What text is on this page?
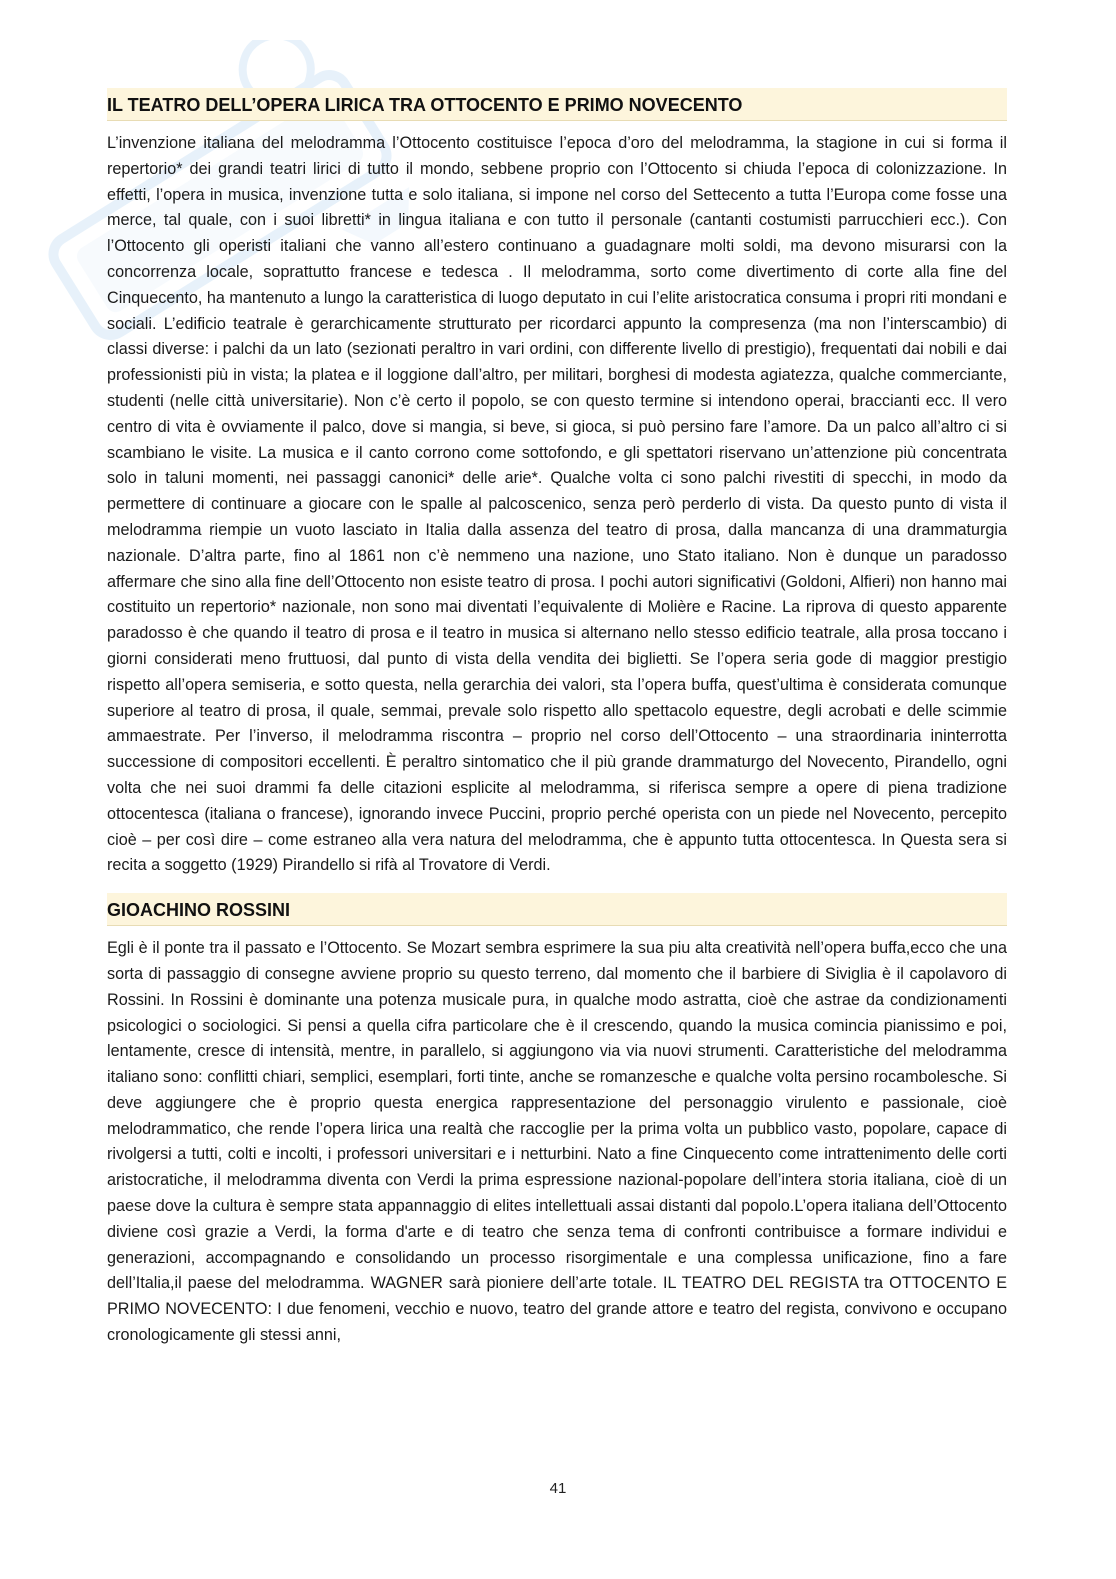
IL TEATRO DELL’OPERA LIRICA TRA OTTOCENTO E PRIMO NOVECENTO

L’invenzione italiana del melodramma l’Ottocento costituisce l’epoca d’oro del melodramma, la stagione in cui si forma il repertorio* dei grandi teatri lirici di tutto il mondo, sebbene proprio con l’Ottocento si chiuda l’epoca di colonizzazione. In effetti, l’opera in musica, invenzione tutta e solo italiana, si impone nel corso del Settecento a tutta l’Europa come fosse una merce, tal quale, con i suoi libretti* in lingua italiana e con tutto il personale (cantanti costumisti parrucchieri ecc.). Con l’Ottocento gli operisti italiani che vanno all’estero continuano a guadagnare molti soldi, ma devono misurarsi con la concorrenza locale, soprattutto francese e tedesca . Il melodramma, sorto come divertimento di corte alla fine del Cinquecento, ha mantenuto a lungo la caratteristica di luogo deputato in cui l’elite aristocratica consuma i propri riti mondani e sociali. L’edificio teatrale è gerarchicamente strutturato per ricordarci appunto la compresenza (ma non l’interscambio) di classi diverse: i palchi da un lato (sezionati peraltro in vari ordini, con differente livello di prestigio), frequentati dai nobili e dai professionisti più in vista; la platea e il loggione dall’altro, per militari, borghesi di modesta agiatezza, qualche commerciante, studenti (nelle città universitarie). Non c’è certo il popolo, se con questo termine si intendono operai, braccianti ecc. Il vero centro di vita è ovviamente il palco, dove si mangia, si beve, si gioca, si può persino fare l’amore. Da un palco all’altro ci si scambiano le visite. La musica e il canto corrono come sottofondo, e gli spettatori riservano un’attenzione più concentrata solo in taluni momenti, nei passaggi canonici* delle arie*. Qualche volta ci sono palchi rivestiti di specchi, in modo da permettere di continuare a giocare con le spalle al palcoscenico, senza però perderlo di vista. Da questo punto di vista il melodramma riempie un vuoto lasciato in Italia dalla assenza del teatro di prosa, dalla mancanza di una drammaturgia nazionale. D’altra parte, fino al 1861 non c’è nemmeno una nazione, uno Stato italiano. Non è dunque un paradosso affermare che sino alla fine dell’Ottocento non esiste teatro di prosa. I pochi autori significativi (Goldoni, Alfieri) non hanno mai costituito un repertorio* nazionale, non sono mai diventati l’equivalente di Molière e Racine. La riprova di questo apparente paradosso è che quando il teatro di prosa e il teatro in musica si alternano nello stesso edificio teatrale, alla prosa toccano i giorni considerati meno fruttuosi, dal punto di vista della vendita dei biglietti. Se l’opera seria gode di maggior prestigio rispetto all’opera semiseria, e sotto questa, nella gerarchia dei valori, sta l’opera buffa, quest’ultima è considerata comunque superiore al teatro di prosa, il quale, semmai, prevale solo rispetto allo spettacolo equestre, degli acrobati e delle scimmie ammaestrate. Per l’inverso, il melodramma riscontra – proprio nel corso dell’Ottocento – una straordinaria ininterrotta successione di compositori eccellenti. È peraltro sintomatico che il più grande drammaturgo del Novecento, Pirandello, ogni volta che nei suoi drammi fa delle citazioni esplicite al melodramma, si riferisca sempre a opere di piena tradizione ottocentesca (italiana o francese), ignorando invece Puccini, proprio perché operista con un piede nel Novecento, percepito cioè – per così dire – come estraneo alla vera natura del melodramma, che è appunto tutta ottocentesca. In Questa sera si recita a soggetto (1929) Pirandello si rifà al Trovatore di Verdi.

GIOACHINO ROSSINI

Egli è il ponte tra il passato e l’Ottocento. Se Mozart sembra esprimere la sua piu alta creatività nell’opera buffa,ecco che una sorta di passaggio di consegne avviene proprio su questo terreno, dal momento che il barbiere di Siviglia è il capolavoro di Rossini. In Rossini è dominante una potenza musicale pura, in qualche modo astratta, cioè che astrae da condizionamenti psicologici o sociologici. Si pensi a quella cifra particolare che è il crescendo, quando la musica comincia pianissimo e poi, lentamente, cresce di intensità, mentre, in parallelo, si aggiungono via via nuovi strumenti. Caratteristiche del melodramma italiano sono: conflitti chiari, semplici, esemplari, forti tinte, anche se romanzesche e qualche volta persino rocambolesche. Si deve aggiungere che è proprio questa energica rappresentazione del personaggio virulento e passionale, cioè melodrammatico, che rende l’opera lirica una realtà che raccoglie per la prima volta un pubblico vasto, popolare, capace di rivolgersi a tutti, colti e incolti, i professori universitari e i netturbini. Nato a fine Cinquecento come intrattenimento delle corti aristocratiche, il melodramma diventa con Verdi la prima espressione nazional-popolare dell’intera storia italiana, cioè di un paese dove la cultura è sempre stata appannaggio di elites intellettuali assai distanti dal popolo.L’opera italiana dell’Ottocento diviene così grazie a Verdi, la forma d'arte e di teatro che senza tema di confronti contribuisce a formare individui e generazioni, accompagnando e consolidando un processo risorgimentale e una complessa unificazione, fino a fare dell’Italia,il paese del melodramma. WAGNER sarà pioniere dell’arte totale. IL TEATRO DEL REGISTA tra OTTOCENTO E PRIMO NOVECENTO: I due fenomeni, vecchio e nuovo, teatro del grande attore e teatro del regista, convivono e occupano cronologicamente gli stessi anni,

41
